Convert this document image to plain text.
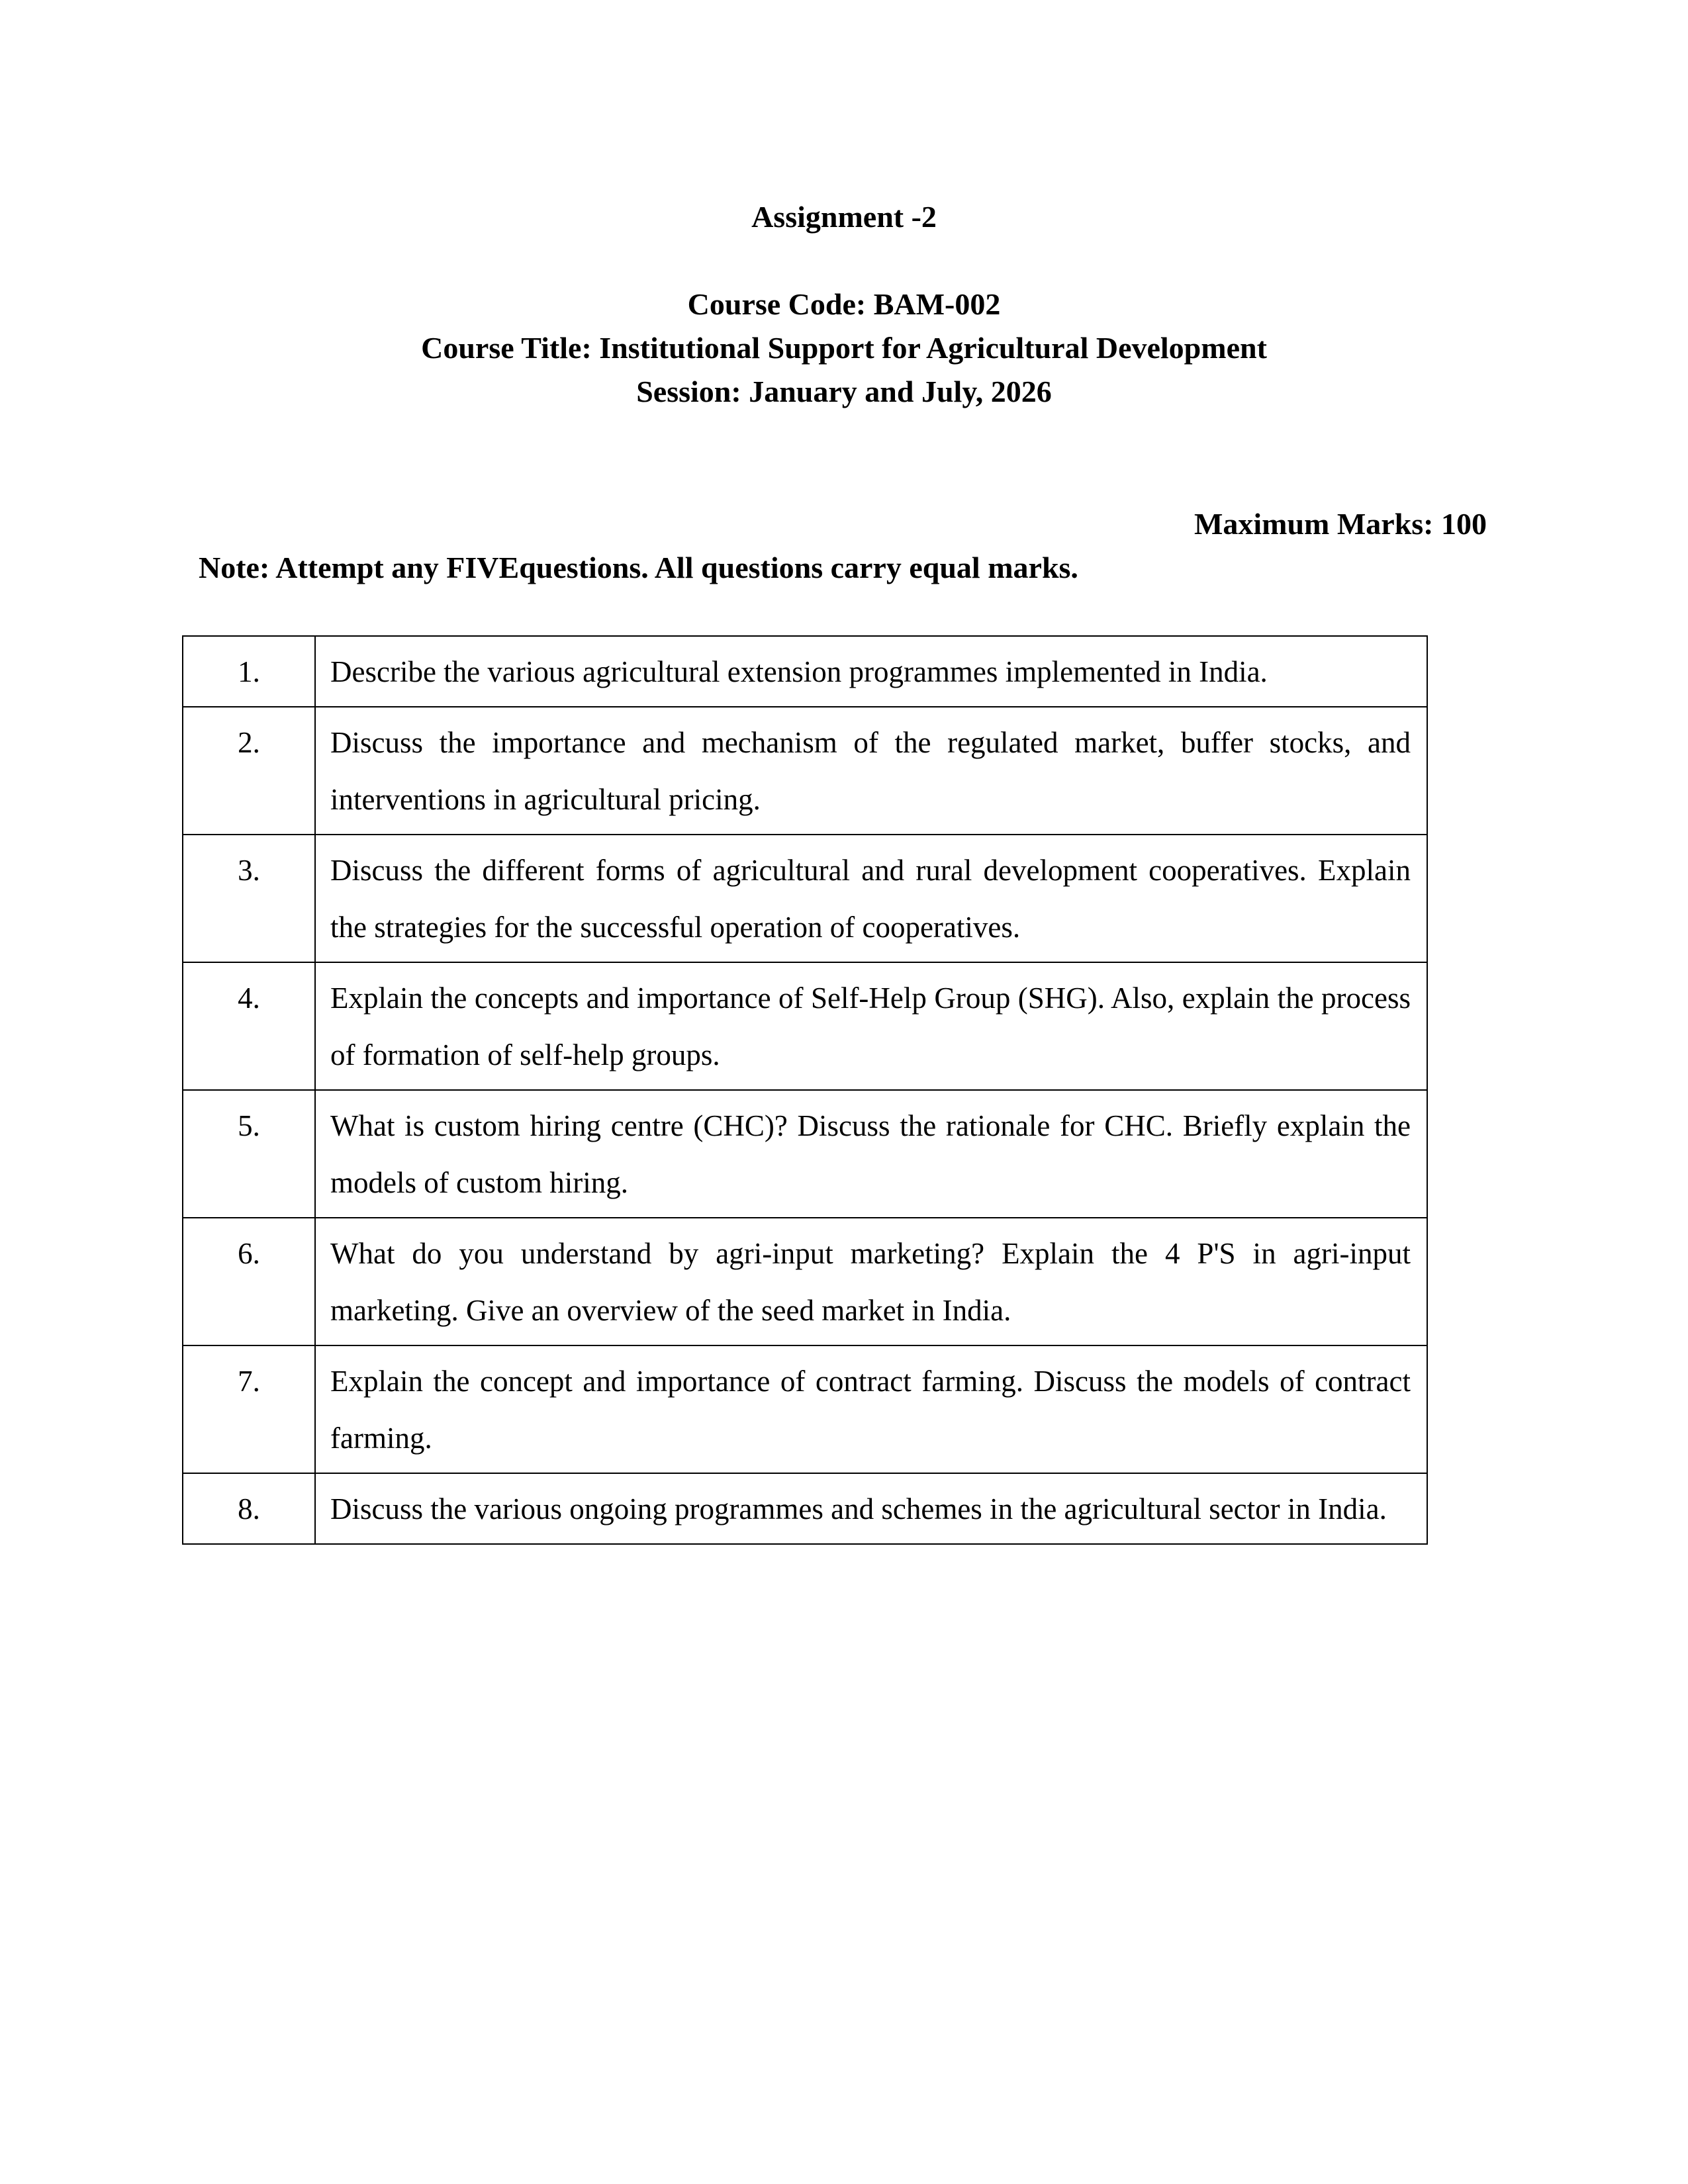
Assignment -2
Course Code: BAM-002
Course Title: Institutional Support for Agricultural Development
Session: January and July, 2026
Maximum Marks: 100
Note: Attempt any FIVEquestions. All questions carry equal marks.
1.	Describe the various agricultural extension programmes implemented in India.

2.	Discuss the importance and mechanism of the regulated market, buffer stocks, and interventions in agricultural pricing.

3.	Discuss the different forms of agricultural and rural development cooperatives. Explain the strategies for the successful operation of cooperatives.

4.	Explain the concepts and importance of Self-Help Group (SHG). Also, explain the process of formation of self-help groups.

5.	What is custom hiring centre (CHC)? Discuss the rationale for CHC. Briefly explain the models of custom hiring.

6.	What do you understand by agri-input marketing? Explain the 4 P'S in agri-input marketing. Give an overview of the seed market in India.

7.	Explain the concept and importance of contract farming. Discuss the models of contract farming.

8.	Discuss the various ongoing programmes and schemes in the agricultural sector in India.
